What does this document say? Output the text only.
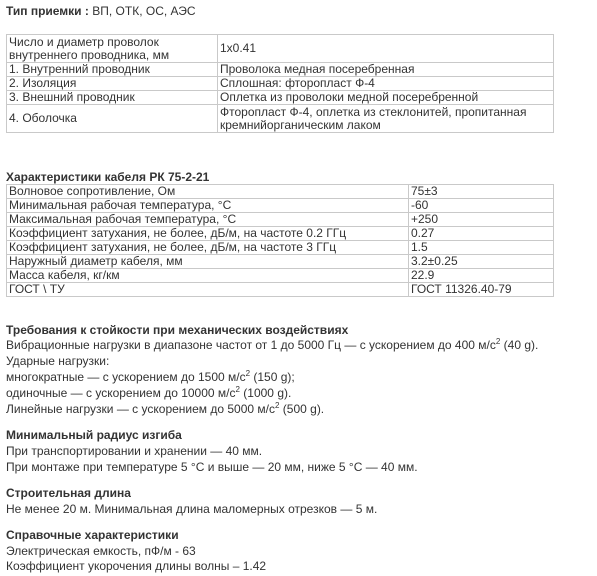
Тип приемки : ВП, ОТК, ОС, АЭС
Число и диаметр проволок внутреннего проводника, мм	1х0.41
1. Внутренний проводник	Проволока медная посеребренная
2. Изоляция	Сплошная: фторопласт Ф-4
3. Внешний проводник	Оплетка из проволоки медной посеребренной
4. Оболочка	Фторопласт Ф-4, оплетка из стеклонитей, пропитанная кремнийорганическим лаком
Характеристики кабеля РК 75-2-21
Волновое сопротивление, Ом	75±3
Минимальная рабочая температура, °С	-60
Максимальная рабочая температура, °С	+250
Коэффициент затухания, не более, дБ/м, на частоте 0.2 ГГц	0.27
Коэффициент затухания, не более, дБ/м, на частоте 3 ГГц	1.5
Наружный диаметр кабеля, мм	3.2±0.25
Масса кабеля, кг/км	22.9
ГОСТ \ ТУ	ГОСТ 11326.40-79
Требования к стойкости при механических воздействиях
Вибрационные нагрузки в диапазоне частот от 1 до 5000 Гц — с ускорением до 400 $м/с^2$ (40 g).
Ударные нагрузки:
многократные — с ускорением до 1500 $м/с^2$ (150 g);
одиночные — с ускорением до 10000 $м/с^2$ (1000 g).
Линейные нагрузки — с ускорением до 5000 $м/с^2$ (500 g).
Минимальный радиус изгиба
При транспортировании и хранении — 40 мм.
При монтаже при температуре 5 °С и выше — 20 мм, ниже 5 °С — 40 мм.
Строительная длина
Не менее 20 м. Минимальная длина маломерных отрезков — 5 м.
Справочные характеристики
Электрическая емкость, пФ/м - 63
Коэффициент укорочения длины волны – 1.42
